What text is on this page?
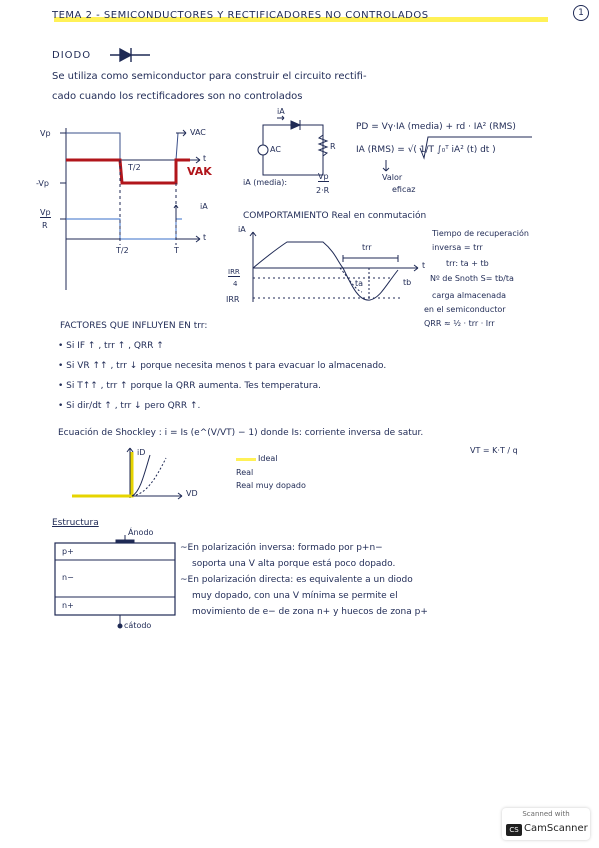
TEMA 2 - SEMICONDUCTORES Y RECTIFICADORES NO CONTROLADOS	1
DIODO
Se utiliza como semiconductor para construir el circuito rectifi-
cado cuando los rectificadores son no controlados
Vp
-Vp
VAC
T/2	VAK
t
Vp
R
iA
T/2	T
t
iA
AC	R
iA (media):
Vp
2·R
PD = Vγ·IA (media) + rd · IA² (RMS)
IA (RMS) = √( 1/T ∫₀ᵀ iA² (t) dt )
Valor
eficaz
COMPORTAMIENTO Real en conmutación
iA
IRR
4
IRR
trr
ta	tb
t
Tiempo de recuperación
inversa = trr
trr: ta + tb
Nº de Snoth S= tb/ta
carga almacenada
en el semiconductor
QRR ≈ ½ · trr · Irr
FACTORES QUE INFLUYEN EN trr:
• Si IF ↑ , trr ↑ , QRR ↑
• Si VR ↑↑ , trr ↓ porque necesita menos t para evacuar lo almacenado.
• Si T↑↑ , trr ↑ porque la QRR aumenta. Tes temperatura.
• Si dir/dt ↑ , trr ↓ pero QRR ↑.
Ecuación de Shockley : i = Is (e^(V/VT) − 1) donde Is: corriente inversa de satur.
VT = K·T / q
iD
VD
Ideal
Real
Real muy dopado
Estructura
Ánodo
p+
n−
n+
cátodo
~En polarización inversa: formado por p+n−
soporta una V alta porque está poco dopado.
~En polarización directa: es equivalente a un diodo
muy dopado, con una V mínima se permite el
movimiento de e− de zona n+ y huecos de zona p+
Scanned with
CS CamScanner
